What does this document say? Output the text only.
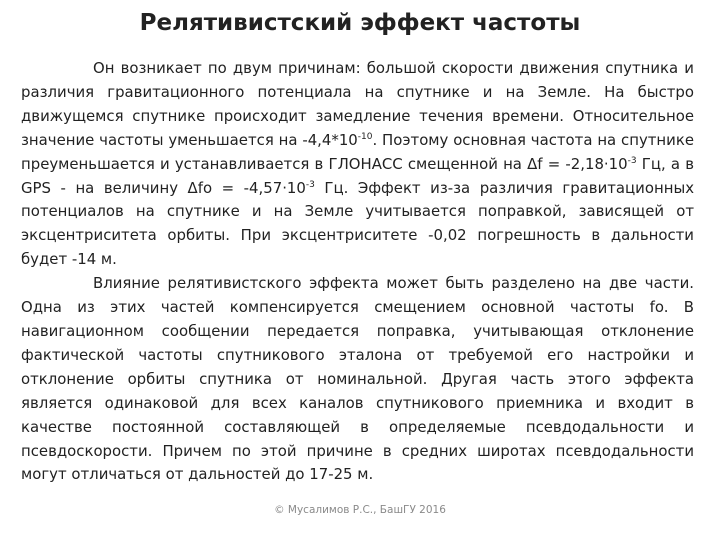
Релятивистский эффект частоты

Он возникает по двум причинам: большой скорости движения спутника и различия гравитационного потенциала на спутнике и на Земле. На быстро движущемся спутнике происходит замедление течения времени. Относительное значение частоты уменьшается на $-4,4*10^{-10}$. Поэтому основная частота на спутнике преуменьшается и устанавливается в ГЛОНАСС смещенной на $\Delta f = -2,18\cdot 10^{-3}$ Гц, а в GPS - на величину $\Delta fo = -4,57\cdot 10^{-3}$ Гц. Эффект из-за различия гравитационных потенциалов на спутнике и на Земле учитывается поправкой, зависящей от эксцентриситета орбиты. При эксцентриситете -0,02 погрешность в дальности будет -14 м.

Влияние релятивистского эффекта может быть разделено на две части. Одна из этих частей компенсируется смещением основной частоты fo. В навигационном сообщении передается поправка, учитывающая отклонение фактической частоты спутникового эталона от требуемой его настройки и отклонение орбиты спутника от номинальной. Другая часть этого эффекта является одинаковой для всех каналов спутникового приемника и входит в качестве постоянной составляющей в определяемые псевдодальности и псевдоскорости. Причем по этой причине в средних широтах псевдодальности могут отличаться от дальностей до 17-25 м.

© Мусалимов Р.С., БашГУ 2016
